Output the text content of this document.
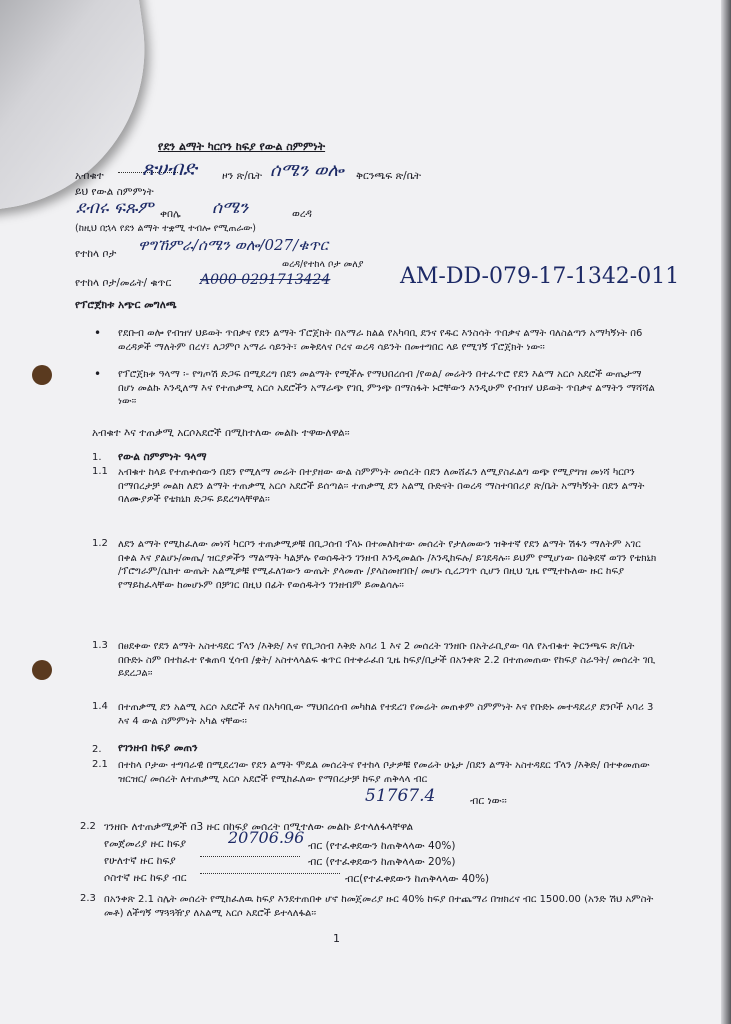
የደን ልማት ካርቦን ከፍያ የውል ስምምነት
አብቁተ ጽሀብድ ዞን ጽ/ቤት ሰሜን ወሎ ቅርንጫፍ ጽ/ቤት
ይህ የውል ስምምነት
ደብሩ ፍጹም ቀበሌ ሰሜን	ወረዳ
(ከዚህ በኋላ የደን ልማት ተቋሚ ተብሎ የሚጠራው)
የተከላ ቦታ ዋግኸምራ/ሰሜን ወሎ/027/ቁጥር
ወረዳ/የተከላ ቦታ መለያ
የተከላ ቦታ/መሬት/ ቁጥር A000 0291713424	AM-DD-079-17-1342-011
የፕሮጀክቱ አጭር መግለጫ
• የደቡብ ወሎ የብዝሃ ህይወት ጥበቃና የደን ልማት ፕሮጀክት በአማራ ክልል የአካባቢ ደንና የዱር እንስሳት ጥበቃና ልማት ባለስልጣን አማካኝነት በ6 ወረዳዎች ማለትም በረሃ፣ ለጋምቦ አማራ ሳይንት፣ መቅደላና ቦረና ወረዳ ሳይንት በመተግበር ላይ የሚገኝ ፕሮጀክት ነው፡፡
• የፕሮጀክቱ ዓላማ ፡- የግጦሽ ድጋፍ በሚደረግ በደን መልማት የሚችሉ የማህበረሰብ /የወል/ መሬትን በተፈጥሮ የደን እልማ አርሶ አደሮች ውጤታማ በሆነ መልኩ እንዲለማ እና የተጠቃሚ አርሶ አደሮችን አማራጭ የገቢ ምንጭ በማስፋት ኑሮቸውን እንዲሁም የብዝሃ ህይወት ጥበቃና ልማትን ማሻሻል ነው፡፡
አብቁተ እና ተጠቃሚ አርሶአደሮች በሚከተለው መልኩ ተዋውለዋል፡፡
1. የውል ስምምነት ዓላማ
1.1 አብቁተ ከላይ የተጠቀሰውን በደን የሚለማ መሬት በተያዘው ውል ስምምነት መሰረት በደን ለመሸፈን ለሚያስፈልግ ወጭ የሚያግዝ መነሻ ካርቦን በማበረታቻ መልክ ለደን ልማት ተጠቃሚ አርሶ አደሮች ይሰጣል፡፡ ተጠቃሚ ደን አልሚ ቡድናት በወረዳ ማስተባበሪያ ጽ/ቤት አማካኝነት በደን ልማት ባለሙያዎች የቴክኒክ ድጋፍ ይደረግላቸዋል፡፡
1.2 ለደን ልማት የሚከፈለው መነሻ ካርቦን ተጠቃሚዎቹ በቢጋሰብ ፕላኑ በተመለከተው መሰረት የታለመውን ዝቅተኛ የደን ልማት ሽፋን ማለትም አገር በቀል እና ያልሆኑ/መጤ/ ዝርያዎችን ማልማት ካልቻሉ የወሰዱትን ገንዘብ እንዲመልሱ /እንዲከፍሉ/ ይገደዳሉ፡፡ ይህም የሚሆነው በዕቅደኛ ወገን የቴክኒክ /ፕሮግራም/ሴክተ ውጤት አልሚዎቹ የሚፈለገውን ውጤት ያላመጡ /ያላስመዘገቡ/ መሆኑ ሲረጋገጥ ሲሆን በዚህ ጊዜ የሚተኩለው ዙር ከፍያ የማይከፈላቸው ከመሆኑም በቻገር በዚህ በፊት የወሰዱትን ገንዘብም ይመልሳሉ፡፡
1.3 በፀደቀው የደን ልማት አስተዳደር ፕላን /እቅድ/ እና የቢጋሰብ እቅድ አባሪ 1 እና 2 መሰረት ገንዘቡ በአትራቢያው ባለ የአብቁተ ቅርንጫፍ ጽ/ቤት በቡድኑ ስም በተከፈተ የቁጠባ ሂሳብ /ቋት/ አስተላላልፍ ቁጥር በተቀራፈበ ጊዜ ከፍያ/ቢታች በአንቀጽ 2.2 በተጠመጠው የከፍያ ስራዓት/ መሰረት ገቢ ይደረጋል፡፡
1.4 በተጠቃሚ ደን አልሚ አርሶ አደሮች እና በአካባቢው ማህበረሰብ መካከል የተደረገ የመሬት መጠቀም ስምምነት እና የቡድኑ መተዳደሪያ ደንቦች አባሪ 3 እና 4 ውል ስምምነት አካል ናቸው፡፡
2. የገንዘብ ከፍያ መጠን
2.1 በተከላ ቦታው ተግባራዊ በሚደረገው የደን ልማት ሞዴል መሰረትና የተከላ ቦታዎቹ የመሬት ሁኔታ /በደን ልማት አስተዳደር ፕላን /እቅድ/ በተቀመጠው ዝርዝር/ መሰረት ለተጠቃሚ አርሶ አደሮች የሚከፈለው የማበረታቻ ከፍያ ጠቅላላ ብር
51767.4	ብር ነው፡፡
2.2 ገንዘቡ ለተጠቃሚዎች በ3 ዙር በከፍያ መሰረት በሚተለው መልኩ ይተላለፋላቸዋል
የመጀመሪያ ዙር ከፍያ	20706.96 ብር (የተፈቀደውን ከጠቅላላው 40%)
የሁለተኛ ዙር ከፍያ	ብር (የተፈቀደውን ከጠቅላላው 20%)
ሶስተኛ ዙር ከፍያ ብር	ብር(የተፈቀደውን ከጠቅላላው 40%)
2.3 በአንቀጽ 2.1 ስሌት መሰረት የሚከፈለዉ ከፍያ እንደተጠበቀ ሆኖ ከመጀመሪያ ዙር 40% ከፍያ በተጨማሪ በዝክረና ብር 1500.00 (አንድ ሽህ አምስት መቶ) ለችግኝ ማጓጓዥያ ለአልሚ አርሶ አደሮች ይተላለፋል፡፡
1
